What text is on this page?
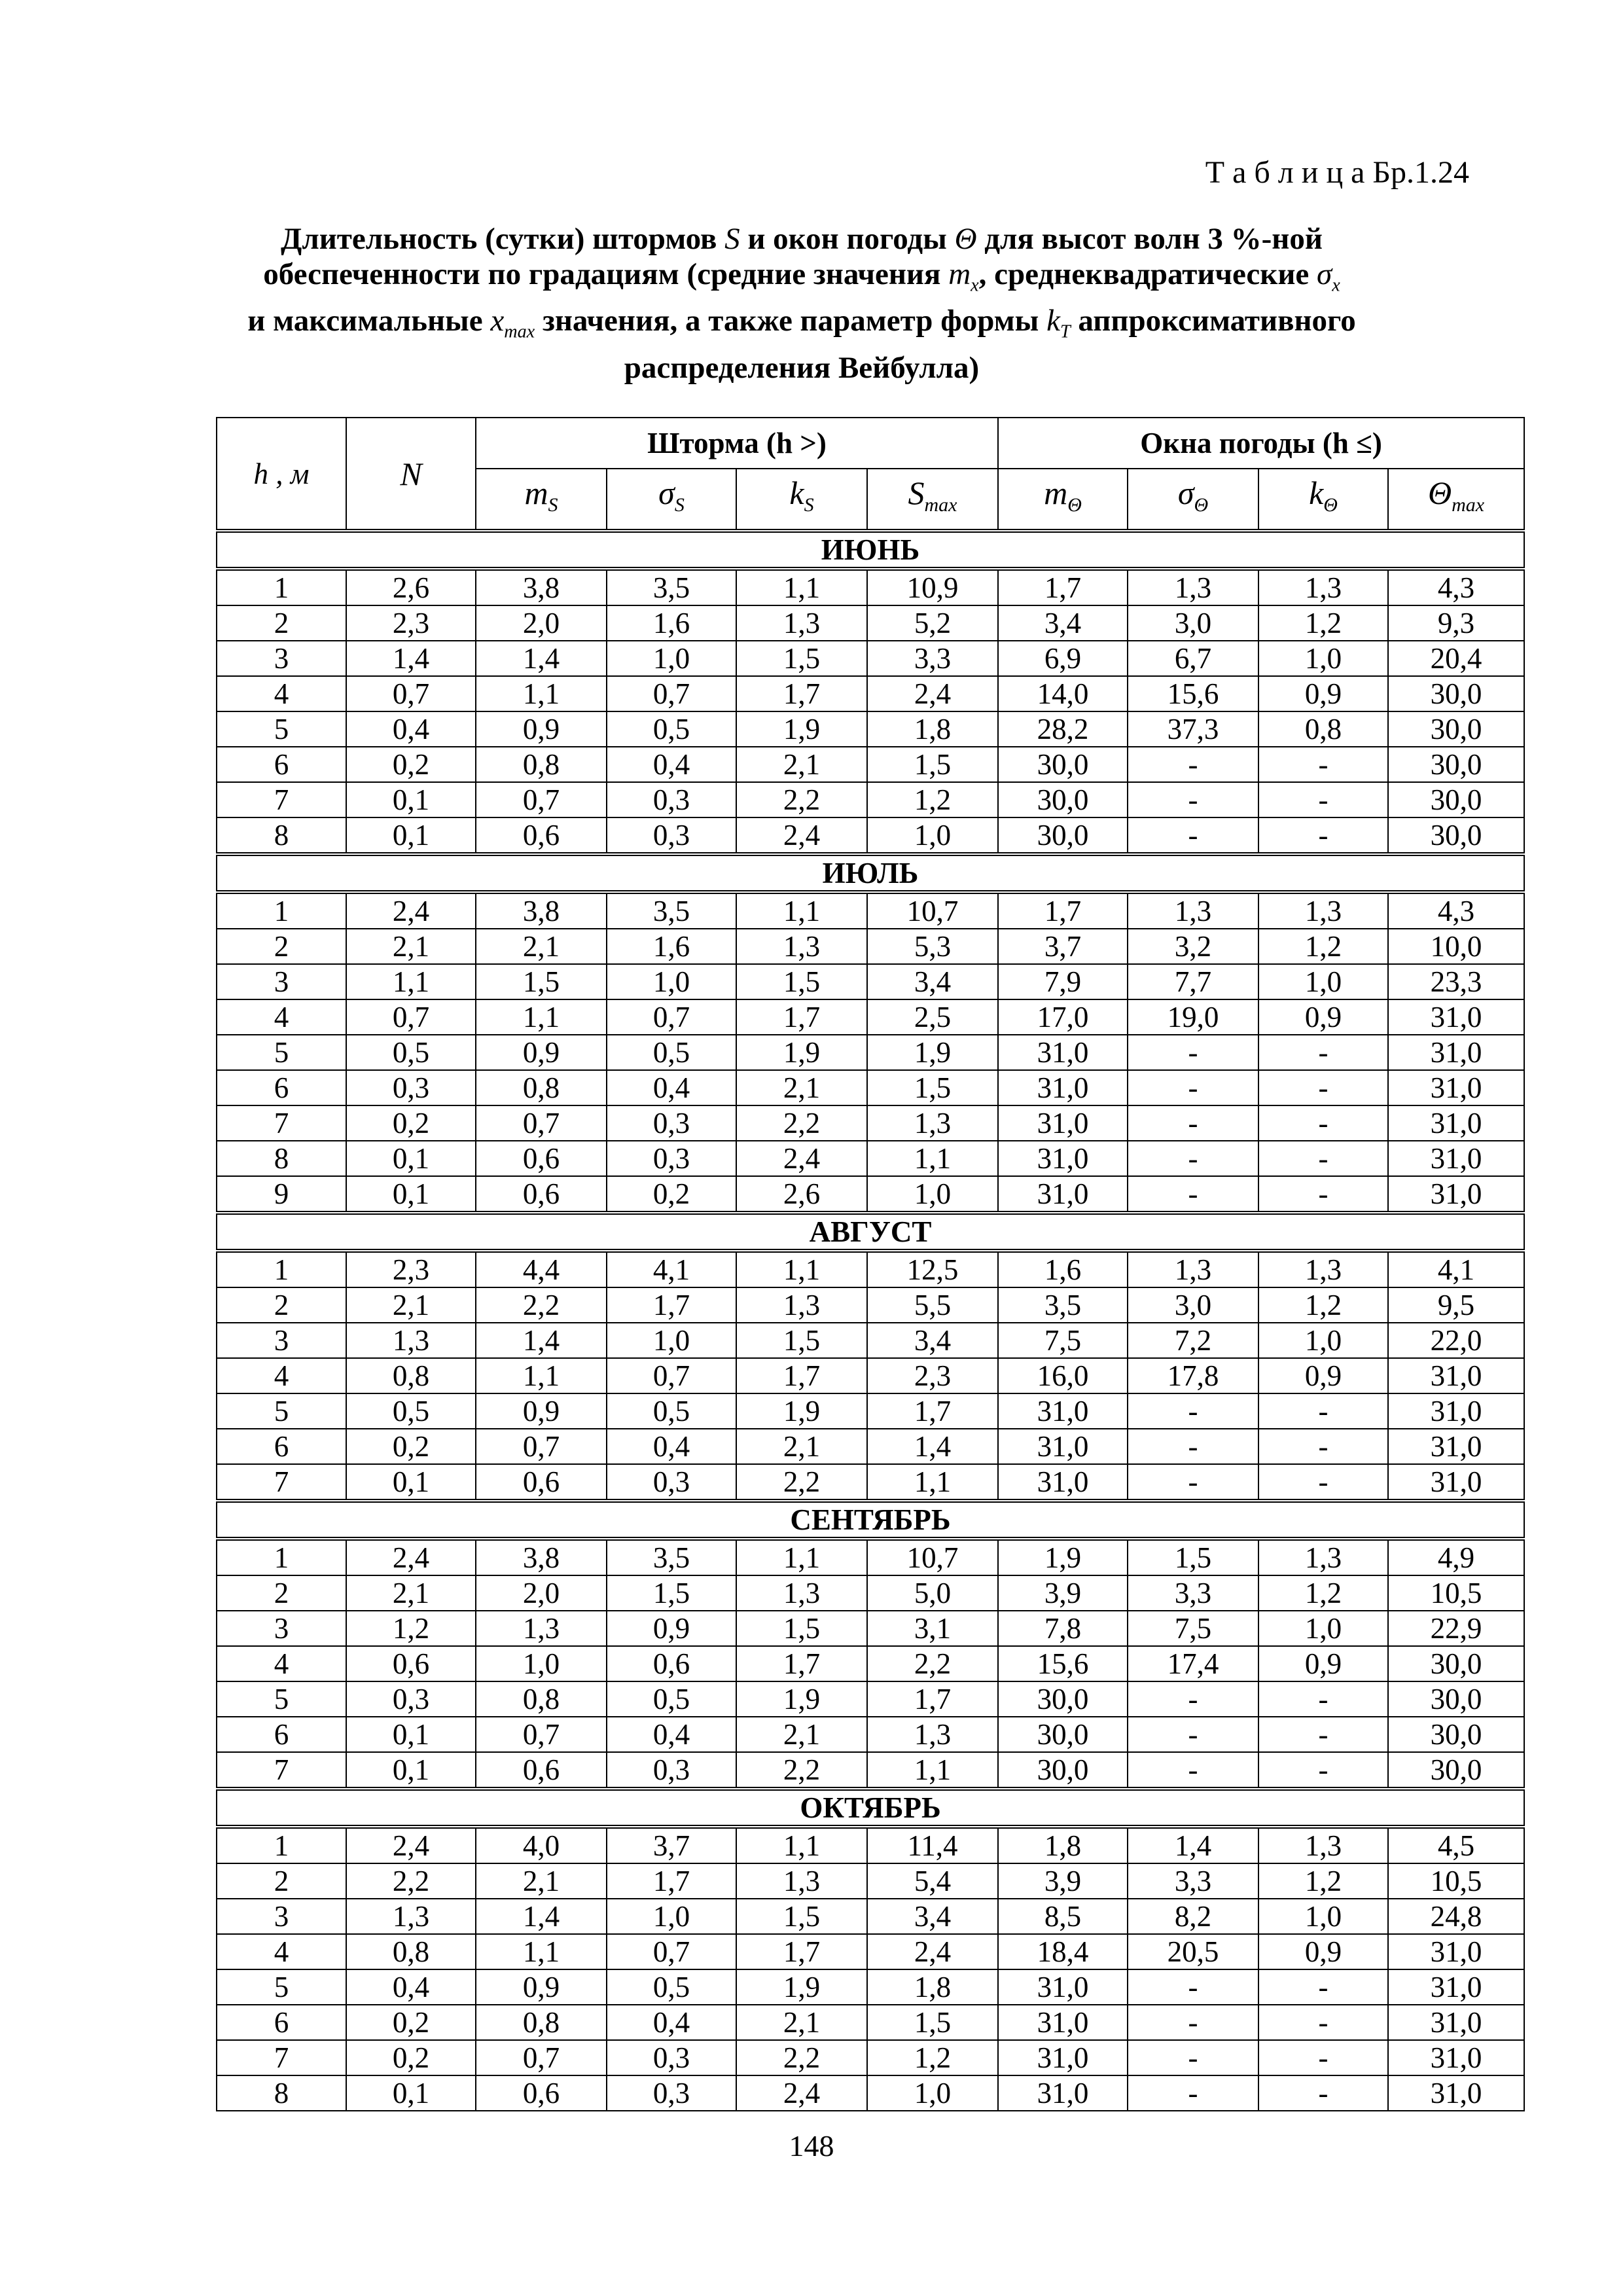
Т а б л и ц а Бр.1.24
Длительность (сутки) штормов S и окон погоды Θ для высот волн 3 %-ной
обеспеченности по градациям (средние значения $m_x$, среднеквадратические $\sigma_x$
и максимальные $x_{max}$ значения, а также параметр формы $k_T$ аппроксимативного
распределения Вейбулла)
h , м	N	Шторма (h >)				Окна погоды (h ≤)			
		$m_S$	$\sigma_S$	$k_S$	$S_{max}$	$m_\Theta$	$\sigma_\Theta$	$k_\Theta$	$\Theta_{max}$
ИЮНЬ									
1	2,6	3,8	3,5	1,1	10,9	1,7	1,3	1,3	4,3
2	2,3	2,0	1,6	1,3	5,2	3,4	3,0	1,2	9,3
3	1,4	1,4	1,0	1,5	3,3	6,9	6,7	1,0	20,4
4	0,7	1,1	0,7	1,7	2,4	14,0	15,6	0,9	30,0
5	0,4	0,9	0,5	1,9	1,8	28,2	37,3	0,8	30,0
6	0,2	0,8	0,4	2,1	1,5	30,0	-	-	30,0
7	0,1	0,7	0,3	2,2	1,2	30,0	-	-	30,0
8	0,1	0,6	0,3	2,4	1,0	30,0	-	-	30,0
ИЮЛЬ									
1	2,4	3,8	3,5	1,1	10,7	1,7	1,3	1,3	4,3
2	2,1	2,1	1,6	1,3	5,3	3,7	3,2	1,2	10,0
3	1,1	1,5	1,0	1,5	3,4	7,9	7,7	1,0	23,3
4	0,7	1,1	0,7	1,7	2,5	17,0	19,0	0,9	31,0
5	0,5	0,9	0,5	1,9	1,9	31,0	-	-	31,0
6	0,3	0,8	0,4	2,1	1,5	31,0	-	-	31,0
7	0,2	0,7	0,3	2,2	1,3	31,0	-	-	31,0
8	0,1	0,6	0,3	2,4	1,1	31,0	-	-	31,0
9	0,1	0,6	0,2	2,6	1,0	31,0	-	-	31,0
АВГУСТ									
1	2,3	4,4	4,1	1,1	12,5	1,6	1,3	1,3	4,1
2	2,1	2,2	1,7	1,3	5,5	3,5	3,0	1,2	9,5
3	1,3	1,4	1,0	1,5	3,4	7,5	7,2	1,0	22,0
4	0,8	1,1	0,7	1,7	2,3	16,0	17,8	0,9	31,0
5	0,5	0,9	0,5	1,9	1,7	31,0	-	-	31,0
6	0,2	0,7	0,4	2,1	1,4	31,0	-	-	31,0
7	0,1	0,6	0,3	2,2	1,1	31,0	-	-	31,0
СЕНТЯБРЬ									
1	2,4	3,8	3,5	1,1	10,7	1,9	1,5	1,3	4,9
2	2,1	2,0	1,5	1,3	5,0	3,9	3,3	1,2	10,5
3	1,2	1,3	0,9	1,5	3,1	7,8	7,5	1,0	22,9
4	0,6	1,0	0,6	1,7	2,2	15,6	17,4	0,9	30,0
5	0,3	0,8	0,5	1,9	1,7	30,0	-	-	30,0
6	0,1	0,7	0,4	2,1	1,3	30,0	-	-	30,0
7	0,1	0,6	0,3	2,2	1,1	30,0	-	-	30,0
ОКТЯБРЬ									
1	2,4	4,0	3,7	1,1	11,4	1,8	1,4	1,3	4,5
2	2,2	2,1	1,7	1,3	5,4	3,9	3,3	1,2	10,5
3	1,3	1,4	1,0	1,5	3,4	8,5	8,2	1,0	24,8
4	0,8	1,1	0,7	1,7	2,4	18,4	20,5	0,9	31,0
5	0,4	0,9	0,5	1,9	1,8	31,0	-	-	31,0
6	0,2	0,8	0,4	2,1	1,5	31,0	-	-	31,0
7	0,2	0,7	0,3	2,2	1,2	31,0	-	-	31,0
8	0,1	0,6	0,3	2,4	1,0	31,0	-	-	31,0
148
